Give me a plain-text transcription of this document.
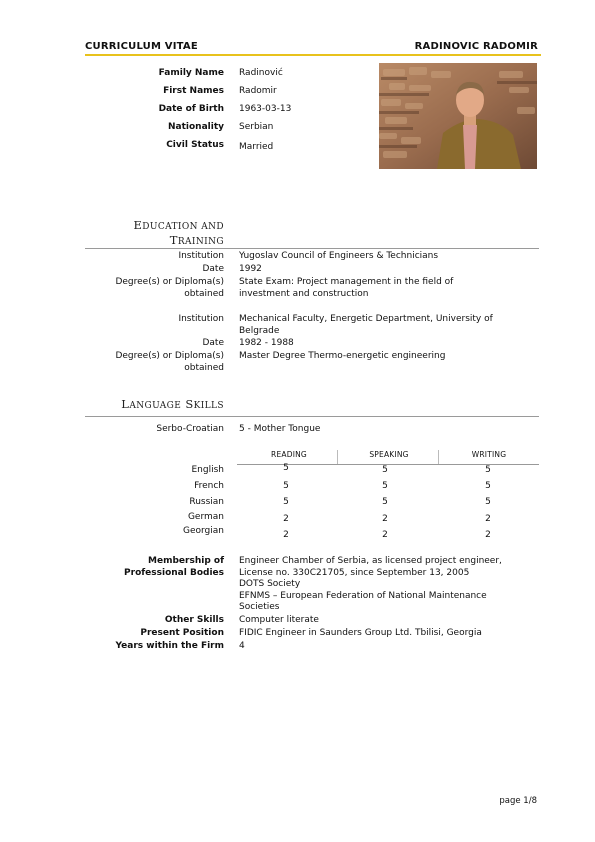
CURRICULUM VITAE	RADINOVIC RADOMIR
Family Name Radinović
First Names Radomir
Date of Birth 1963-03-13
Nationality Serbian
Civil Status Married
EDUCATION AND
TRAINING
Institution Yugoslav Council of Engineers & Technicians
Date 1992
Degree(s) or Diploma(s)
obtained
State Exam: Project management in the field of investment and construction
Institution Mechanical Faculty, Energetic Department, University of Belgrade
Date 1982 - 1988
Degree(s) or Diploma(s)
obtained
Master Degree Thermo-energetic engineering
LANGUAGE SKILLS
Serbo-Croatian 5 - Mother Tongue
READING	SPEAKING	WRITING
English	5	5	5
French	5	5	5
Russian	5	5	5
German	2	2	2
Georgian	2	2	2
Membership of
Professional Bodies
Engineer Chamber of Serbia, as licensed project engineer,
License no. 330C21705, since September 13, 2005
DOTS Society
EFNMS – European Federation of National Maintenance
Societies
Other Skills Computer literate
Present Position FIDIC Engineer in Saunders Group Ltd. Tbilisi, Georgia
Years within the Firm 4
page 1/8
